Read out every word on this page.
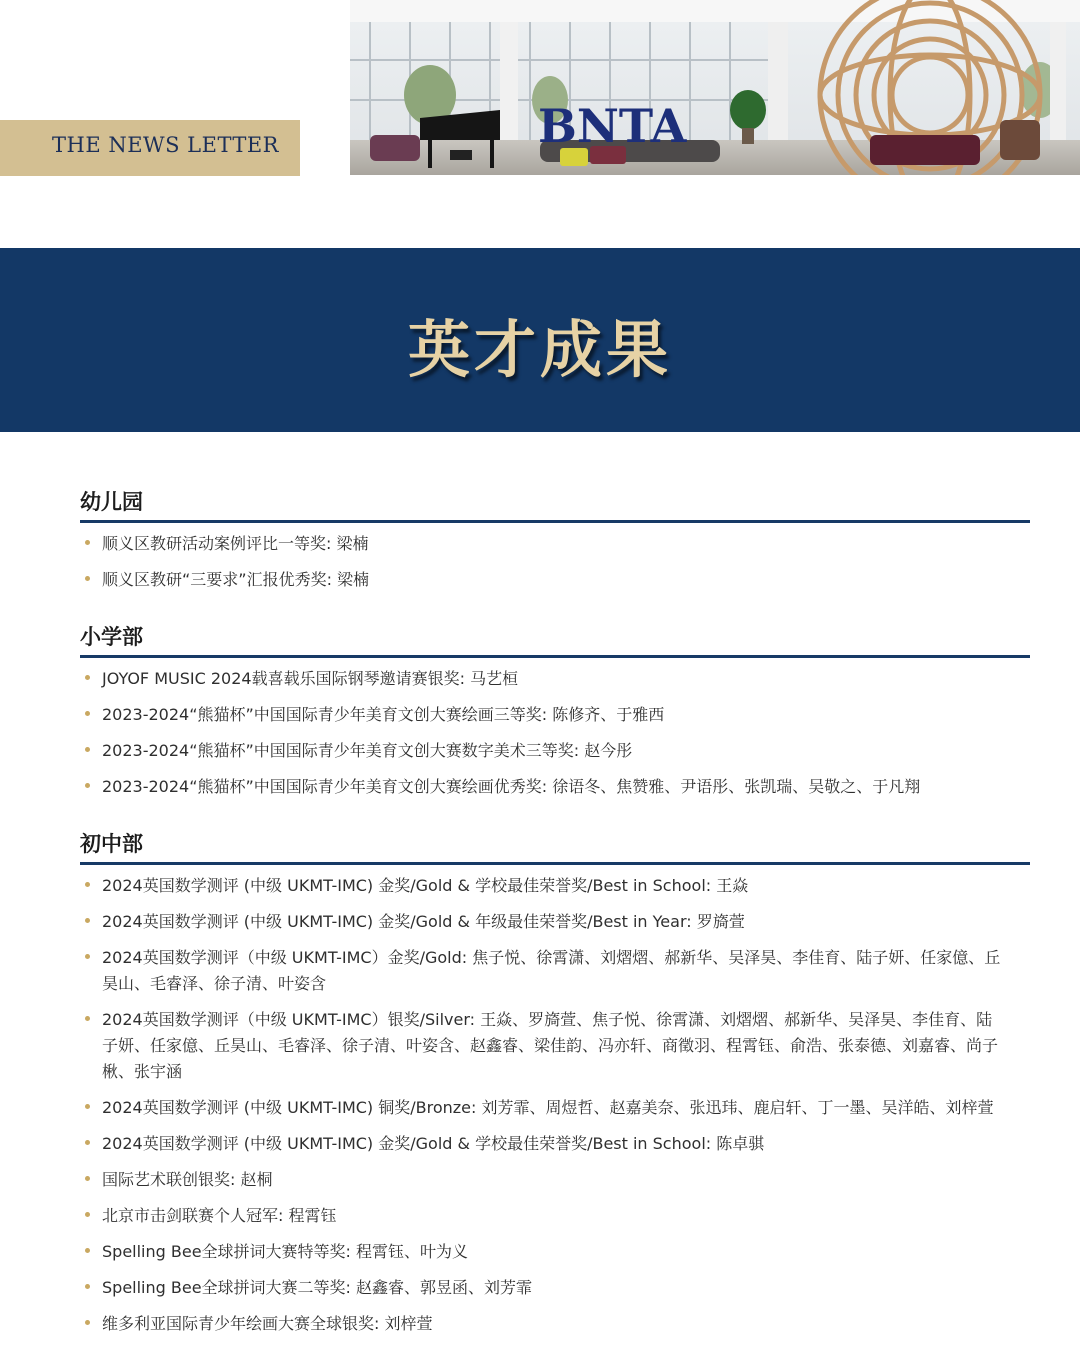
THE NEWS LETTER	BNTA
英才成果
幼儿园
顺义区教研活动案例评比一等奖: 梁楠
顺义区教研“三要求”汇报优秀奖: 梁楠
小学部
JOYOF MUSIC 2024载喜载乐国际钢琴邀请赛银奖: 马艺桓
2023-2024“熊猫杯”中国国际青少年美育文创大赛绘画三等奖: 陈修齐、于雅西
2023-2024“熊猫杯”中国国际青少年美育文创大赛数字美术三等奖: 赵今彤
2023-2024“熊猫杯”中国国际青少年美育文创大赛绘画优秀奖: 徐语冬、焦赞雅、尹语彤、张凯瑞、吴敬之、于凡翔
初中部
2024英国数学测评 (中级 UKMT-IMC) 金奖/Gold & 学校最佳荣誉奖/Best in School: 王焱
2024英国数学测评 (中级 UKMT-IMC) 金奖/Gold & 年级最佳荣誉奖/Best in Year: 罗旖萱
2024英国数学测评（中级 UKMT-IMC）金奖/Gold: 焦子悦、徐霄潇、刘熠熠、郝新华、吴泽昊、李佳育、陆子妍、任家億、丘昊山、毛睿泽、徐子清、叶姿含
2024英国数学测评（中级 UKMT-IMC）银奖/Silver: 王焱、罗旖萱、焦子悦、徐霄潇、刘熠熠、郝新华、吴泽昊、李佳育、陆子妍、任家億、丘昊山、毛睿泽、徐子清、叶姿含、赵鑫睿、梁佳韵、冯亦轩、商徵羽、程霄钰、俞浩、张泰德、刘嘉睿、尚子楸、张宇涵
2024英国数学测评 (中级 UKMT-IMC) 铜奖/Bronze: 刘芳霏、周煜哲、赵嘉美奈、张迅玮、鹿启轩、丁一墨、吴洋皓、刘梓萱
2024英国数学测评 (中级 UKMT-IMC) 金奖/Gold & 学校最佳荣誉奖/Best in School: 陈卓骐
国际艺术联创银奖: 赵桐
北京市击剑联赛个人冠军: 程霄钰
Spelling Bee全球拼词大赛特等奖: 程霄钰、叶为义
Spelling Bee全球拼词大赛二等奖: 赵鑫睿、郭昱函、刘芳霏
维多利亚国际青少年绘画大赛全球银奖: 刘梓萱
